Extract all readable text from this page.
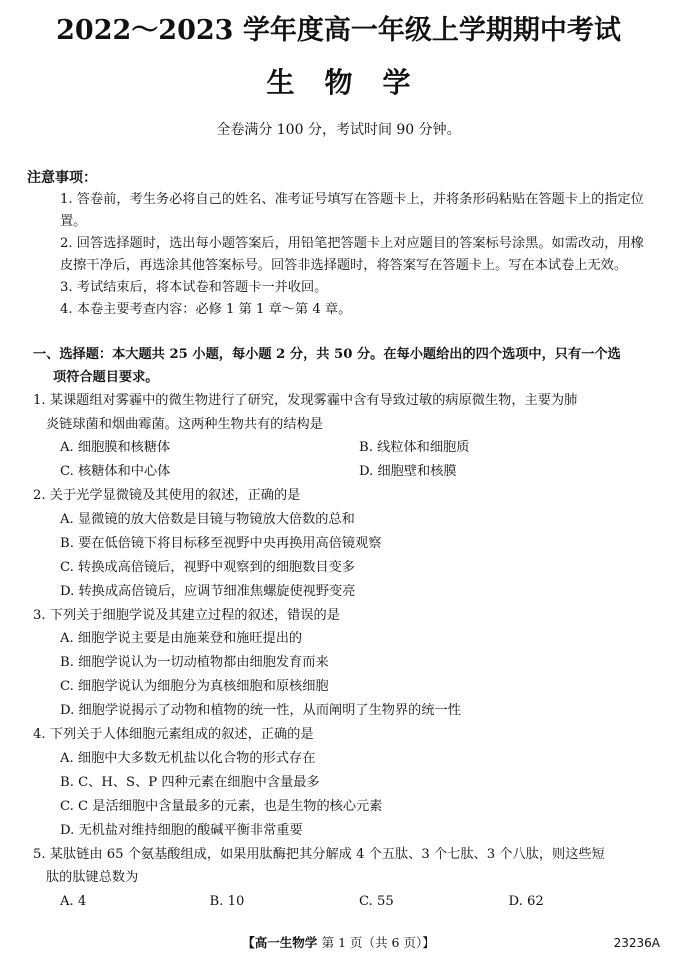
2022～2023 学年度高一年级上学期期中考试
生物学
全卷满分 100 分，考试时间 90 分钟。
注意事项：
1. 答卷前，考生务必将自己的姓名、准考证号填写在答题卡上，并将条形码粘贴在答题卡上的指定位置。
2. 回答选择题时，选出每小题答案后，用铅笔把答题卡上对应题目的答案标号涂黑。如需改动，用橡皮擦干净后，再选涂其他答案标号。回答非选择题时，将答案写在答题卡上。写在本试卷上无效。
3. 考试结束后，将本试卷和答题卡一并收回。
4. 本卷主要考查内容：必修 1 第 1 章～第 4 章。
一、选择题：本大题共 25 小题，每小题 2 分，共 50 分。在每小题给出的四个选项中，只有一个选
项符合题目要求。
1. 某课题组对雾霾中的微生物进行了研究，发现雾霾中含有导致过敏的病原微生物，主要为肺
炎链球菌和烟曲霉菌。这两种生物共有的结构是
A. 细胞膜和核糖体	B. 线粒体和细胞质
C. 核糖体和中心体	D. 细胞壁和核膜
2. 关于光学显微镜及其使用的叙述，正确的是
A. 显微镜的放大倍数是目镜与物镜放大倍数的总和
B. 要在低倍镜下将目标移至视野中央再换用高倍镜观察
C. 转换成高倍镜后，视野中观察到的细胞数目变多
D. 转换成高倍镜后，应调节细准焦螺旋使视野变亮
3. 下列关于细胞学说及其建立过程的叙述，错误的是
A. 细胞学说主要是由施莱登和施旺提出的
B. 细胞学说认为一切动植物都由细胞发育而来
C. 细胞学说认为细胞分为真核细胞和原核细胞
D. 细胞学说揭示了动物和植物的统一性，从而阐明了生物界的统一性
4. 下列关于人体细胞元素组成的叙述，正确的是
A. 细胞中大多数无机盐以化合物的形式存在
B. C、H、S、P 四种元素在细胞中含量最多
C. C 是活细胞中含量最多的元素，也是生物的核心元素
D. 无机盐对维持细胞的酸碱平衡非常重要
5. 某肽链由 65 个氨基酸组成，如果用肽酶把其分解成 4 个五肽、3 个七肽、3 个八肽，则这些短
肽的肽键总数为
A. 4	B. 10	C. 55	D. 62
【高一生物学 第 1 页（共 6 页）】	23236A
